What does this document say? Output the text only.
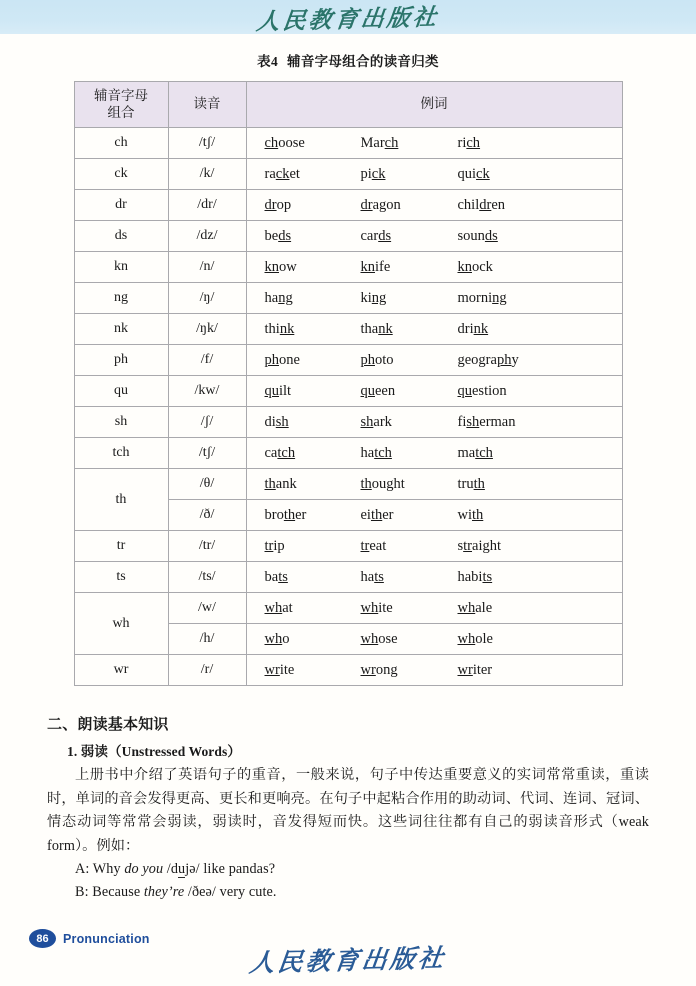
人民教育出版社
表4 辅音字母组合的读音归类
辅音字母
组合	读音	例词
ch	/tʃ/	choose March rich

ck	/k/	racket pick quick

dr	/dr/	drop dragon children

ds	/dz/	beds cards sounds

kn	/n/	know knife knock

ng	/ŋ/	hang king morning

nk	/ŋk/	think thank drink

ph	/f/	phone photo geography

qu	/kw/	quilt queen question

sh	/ʃ/	dish shark fisherman

tch	/tʃ/	catch hatch match

th	/θ/	thank thought truth

	/ð/	brother either with

tr	/tr/	trip treat straight

ts	/ts/	bats hats habits

wh	/w/	what white whale

	/h/	who whose whole

wr	/r/	write wrong writer
二、朗读基本知识
1. 弱读（Unstressed Words）

上册书中介绍了英语句子的重音，一般来说，句子中传达重要意义的实词常常重读，重读时，单词的音会发得更高、更长和更响亮。在句子中起粘合作用的助动词、代词、连词、冠词、情态动词等常常会弱读，弱读时，音发得短而快。这些词往往都有自己的弱读音形式（weak form）。例如：

A: Why do you /dujə/ like pandas?
B: Because they’re /ðeə/ very cute.
86	Pronunciation
人民教育出版社
